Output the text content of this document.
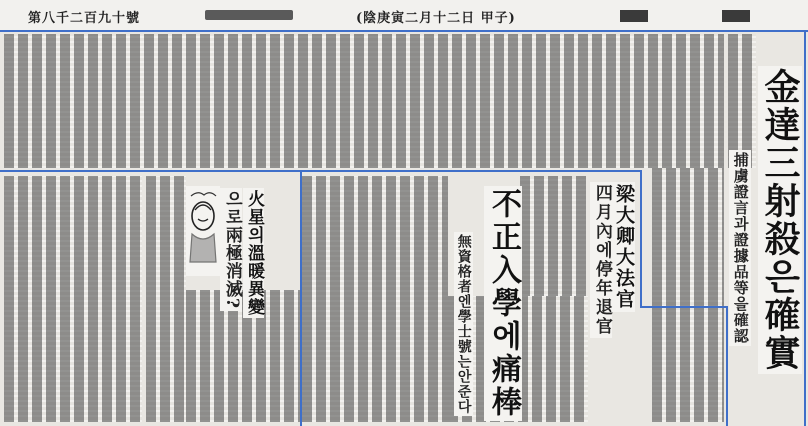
第八千二百九十號	(陰庚寅二月十二日 甲子)
金達三射殺은確實
捕虜證言과證據品等을確認
不正入學에痛棒
無資格者엔學士號는안준다	梁大卿大法官
四月內에停年退官
火星의溫暖異變
으로兩極消滅?
